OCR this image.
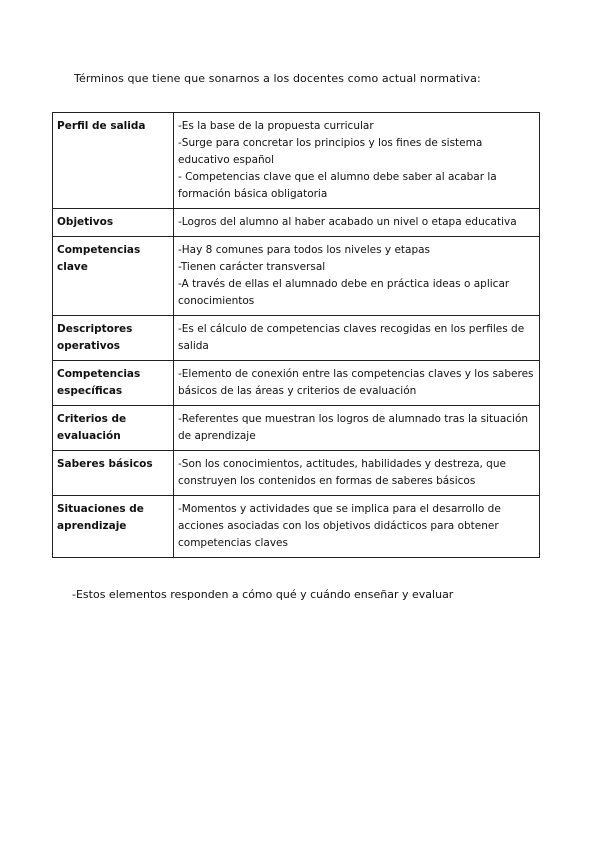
Términos que tiene que sonarnos a los docentes como actual normativa:
Perfil de salida	-Es la base de la propuesta curricular
-Surge para concretar los principios y los fines de sistema educativo español
- Competencias clave que el alumno debe saber al acabar la formación básica obligatoria

Objetivos	-Logros del alumno al haber acabado un nivel o etapa educativa

Competencias clave	-Hay 8 comunes para todos los niveles y etapas
-Tienen carácter transversal
-A través de ellas el alumnado debe en práctica ideas o aplicar conocimientos

Descriptores operativos	-Es el cálculo de competencias claves recogidas en los perfiles de salida

Competencias específicas	-Elemento de conexión entre las competencias claves y los saberes básicos de las áreas y criterios de evaluación

Criterios de evaluación	-Referentes que muestran los logros de alumnado tras la situación de aprendizaje

Saberes básicos	-Son los conocimientos, actitudes, habilidades y destreza, que construyen los contenidos en formas de saberes básicos

Situaciones de aprendizaje	-Momentos y actividades que se implica para el desarrollo de acciones asociadas con los objetivos didácticos para obtener competencias claves
-Estos elementos responden a cómo qué y cuándo enseñar y evaluar
